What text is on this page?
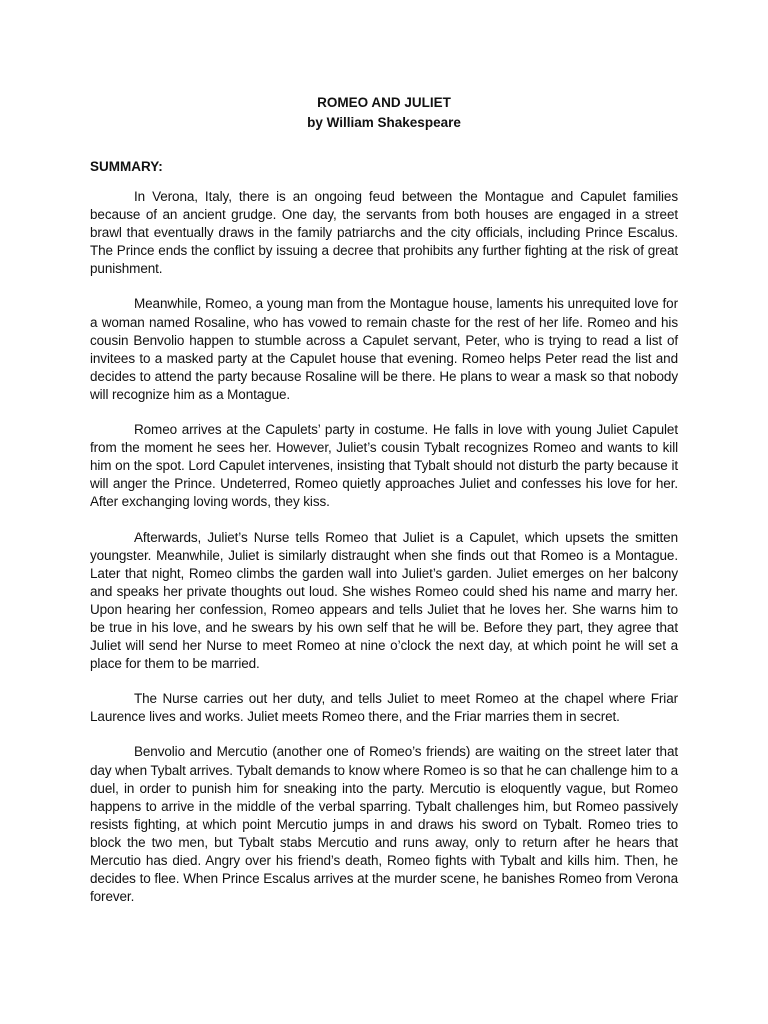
ROMEO AND JULIET

by William Shakespeare

SUMMARY:

In Verona, Italy, there is an ongoing feud between the Montague and Capulet families because of an ancient grudge. One day, the servants from both houses are engaged in a street brawl that eventually draws in the family patriarchs and the city officials, including Prince Escalus. The Prince ends the conflict by issuing a decree that prohibits any further fighting at the risk of great punishment.

Meanwhile, Romeo, a young man from the Montague house, laments his unrequited love for a woman named Rosaline, who has vowed to remain chaste for the rest of her life. Romeo and his cousin Benvolio happen to stumble across a Capulet servant, Peter, who is trying to read a list of invitees to a masked party at the Capulet house that evening. Romeo helps Peter read the list and decides to attend the party because Rosaline will be there. He plans to wear a mask so that nobody will recognize him as a Montague.

Romeo arrives at the Capulets’ party in costume. He falls in love with young Juliet Capulet from the moment he sees her. However, Juliet’s cousin Tybalt recognizes Romeo and wants to kill him on the spot. Lord Capulet intervenes, insisting that Tybalt should not disturb the party because it will anger the Prince. Undeterred, Romeo quietly approaches Juliet and confesses his love for her. After exchanging loving words, they kiss.

Afterwards, Juliet’s Nurse tells Romeo that Juliet is a Capulet, which upsets the smitten youngster. Meanwhile, Juliet is similarly distraught when she finds out that Romeo is a Montague. Later that night, Romeo climbs the garden wall into Juliet’s garden. Juliet emerges on her balcony and speaks her private thoughts out loud. She wishes Romeo could shed his name and marry her. Upon hearing her confession, Romeo appears and tells Juliet that he loves her. She warns him to be true in his love, and he swears by his own self that he will be. Before they part, they agree that Juliet will send her Nurse to meet Romeo at nine o’clock the next day, at which point he will set a place for them to be married.

The Nurse carries out her duty, and tells Juliet to meet Romeo at the chapel where Friar Laurence lives and works. Juliet meets Romeo there, and the Friar marries them in secret.

Benvolio and Mercutio (another one of Romeo’s friends) are waiting on the street later that day when Tybalt arrives. Tybalt demands to know where Romeo is so that he can challenge him to a duel, in order to punish him for sneaking into the party. Mercutio is eloquently vague, but Romeo happens to arrive in the middle of the verbal sparring. Tybalt challenges him, but Romeo passively resists fighting, at which point Mercutio jumps in and draws his sword on Tybalt. Romeo tries to block the two men, but Tybalt stabs Mercutio and runs away, only to return after he hears that Mercutio has died. Angry over his friend’s death, Romeo fights with Tybalt and kills him. Then, he decides to flee. When Prince Escalus arrives at the murder scene, he banishes Romeo from Verona forever.
